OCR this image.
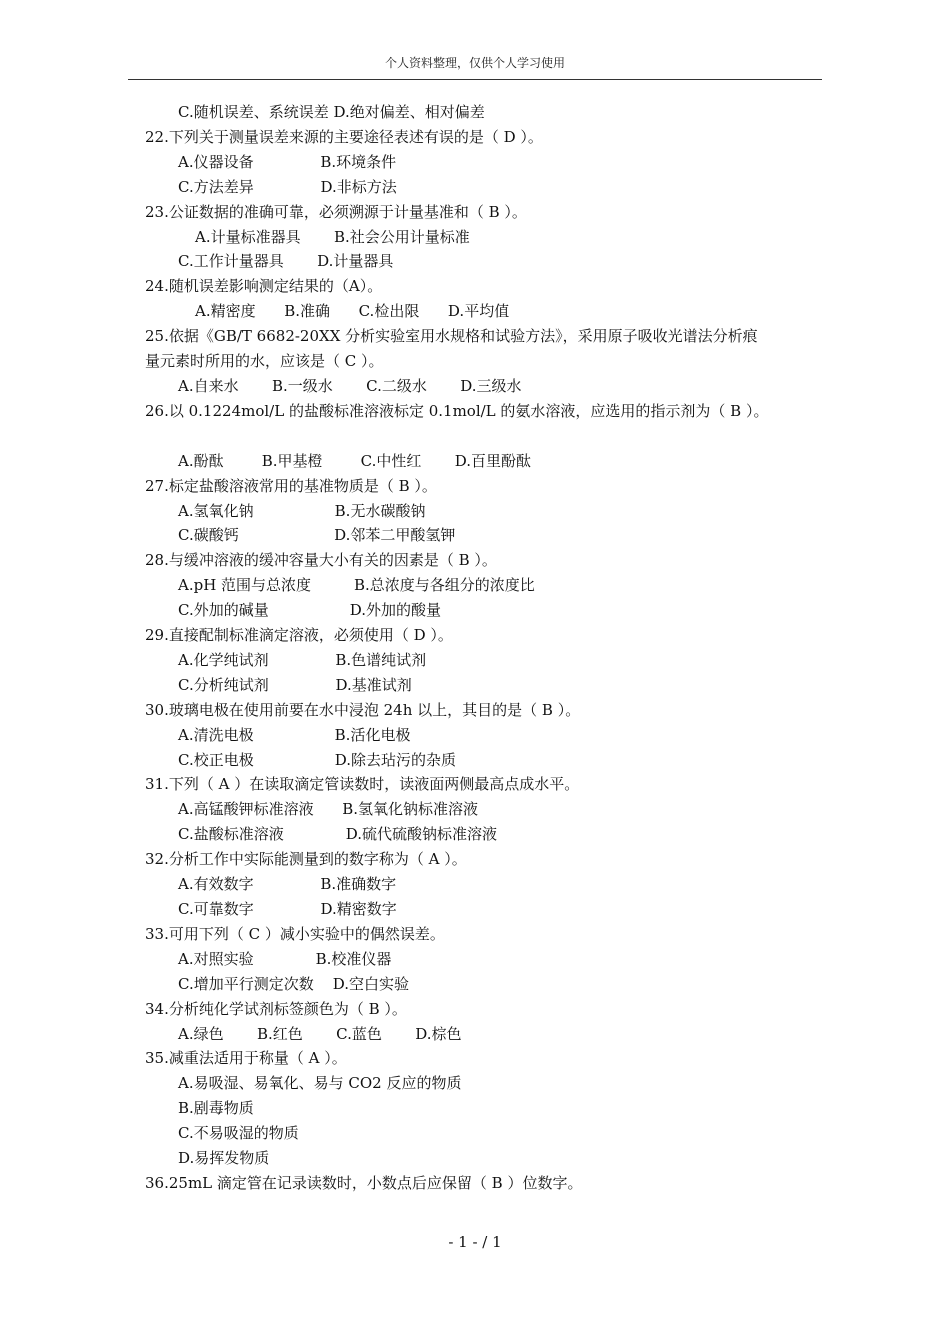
个人资料整理，仅供个人学习使用

C.随机误差、系统误差 D.绝对偏差、相对偏差

22.下列关于测量误差来源的主要途径表述有误的是（ D ）。

A.仪器设备              B.环境条件

C.方法差异              D.非标方法

23.公证数据的准确可靠，必须溯源于计量基准和（ B ）。

A.计量标准器具       B.社会公用计量标准

C.工作计量器具       D.计量器具

24.随机误差影响测定结果的（A）。

A.精密度      B.准确      C.检出限      D.平均值

25.依据《GB/T 6682-20XX 分析实验室用水规格和试验方法》，采用原子吸收光谱法分析痕

量元素时所用的水，应该是（ C ）。

A.自来水       B.一级水       C.二级水       D.三级水

26.以 0.1224mol/L 的盐酸标准溶液标定 0.1mol/L 的氨水溶液，应选用的指示剂为（ B ）。

A.酚酞        B.甲基橙        C.中性红       D.百里酚酞

27.标定盐酸溶液常用的基准物质是（ B ）。

A.氢氧化钠                 B.无水碳酸钠

C.碳酸钙                    D.邻苯二甲酸氢钾

28.与缓冲溶液的缓冲容量大小有关的因素是（ B ）。

A.pH 范围与总浓度         B.总浓度与各组分的浓度比

C.外加的碱量                 D.外加的酸量

29.直接配制标准滴定溶液，必须使用（ D ）。

A.化学纯试剂              B.色谱纯试剂

C.分析纯试剂              D.基准试剂

30.玻璃电极在使用前要在水中浸泡 24h 以上，其目的是（ B ）。

A.清洗电极                 B.活化电极

C.校正电极                 D.除去玷污的杂质

31.下列（ A ）在读取滴定管读数时，读液面两侧最高点成水平。

A.高锰酸钾标准溶液      B.氢氧化钠标准溶液

C.盐酸标准溶液             D.硫代硫酸钠标准溶液

32.分析工作中实际能测量到的数字称为（ A ）。

A.有效数字              B.准确数字

C.可靠数字              D.精密数字

33.可用下列（ C ）减小实验中的偶然误差。

A.对照实验             B.校准仪器

C.增加平行测定次数    D.空白实验

34.分析纯化学试剂标签颜色为（ B ）。

A.绿色       B.红色       C.蓝色       D.棕色

35.减重法适用于称量（ A ）。

A.易吸湿、易氧化、易与 CO2 反应的物质

B.剧毒物质

C.不易吸湿的物质

D.易挥发物质

36.25mL 滴定管在记录读数时，小数点后应保留（ B ）位数字。

- 1 - / 1
